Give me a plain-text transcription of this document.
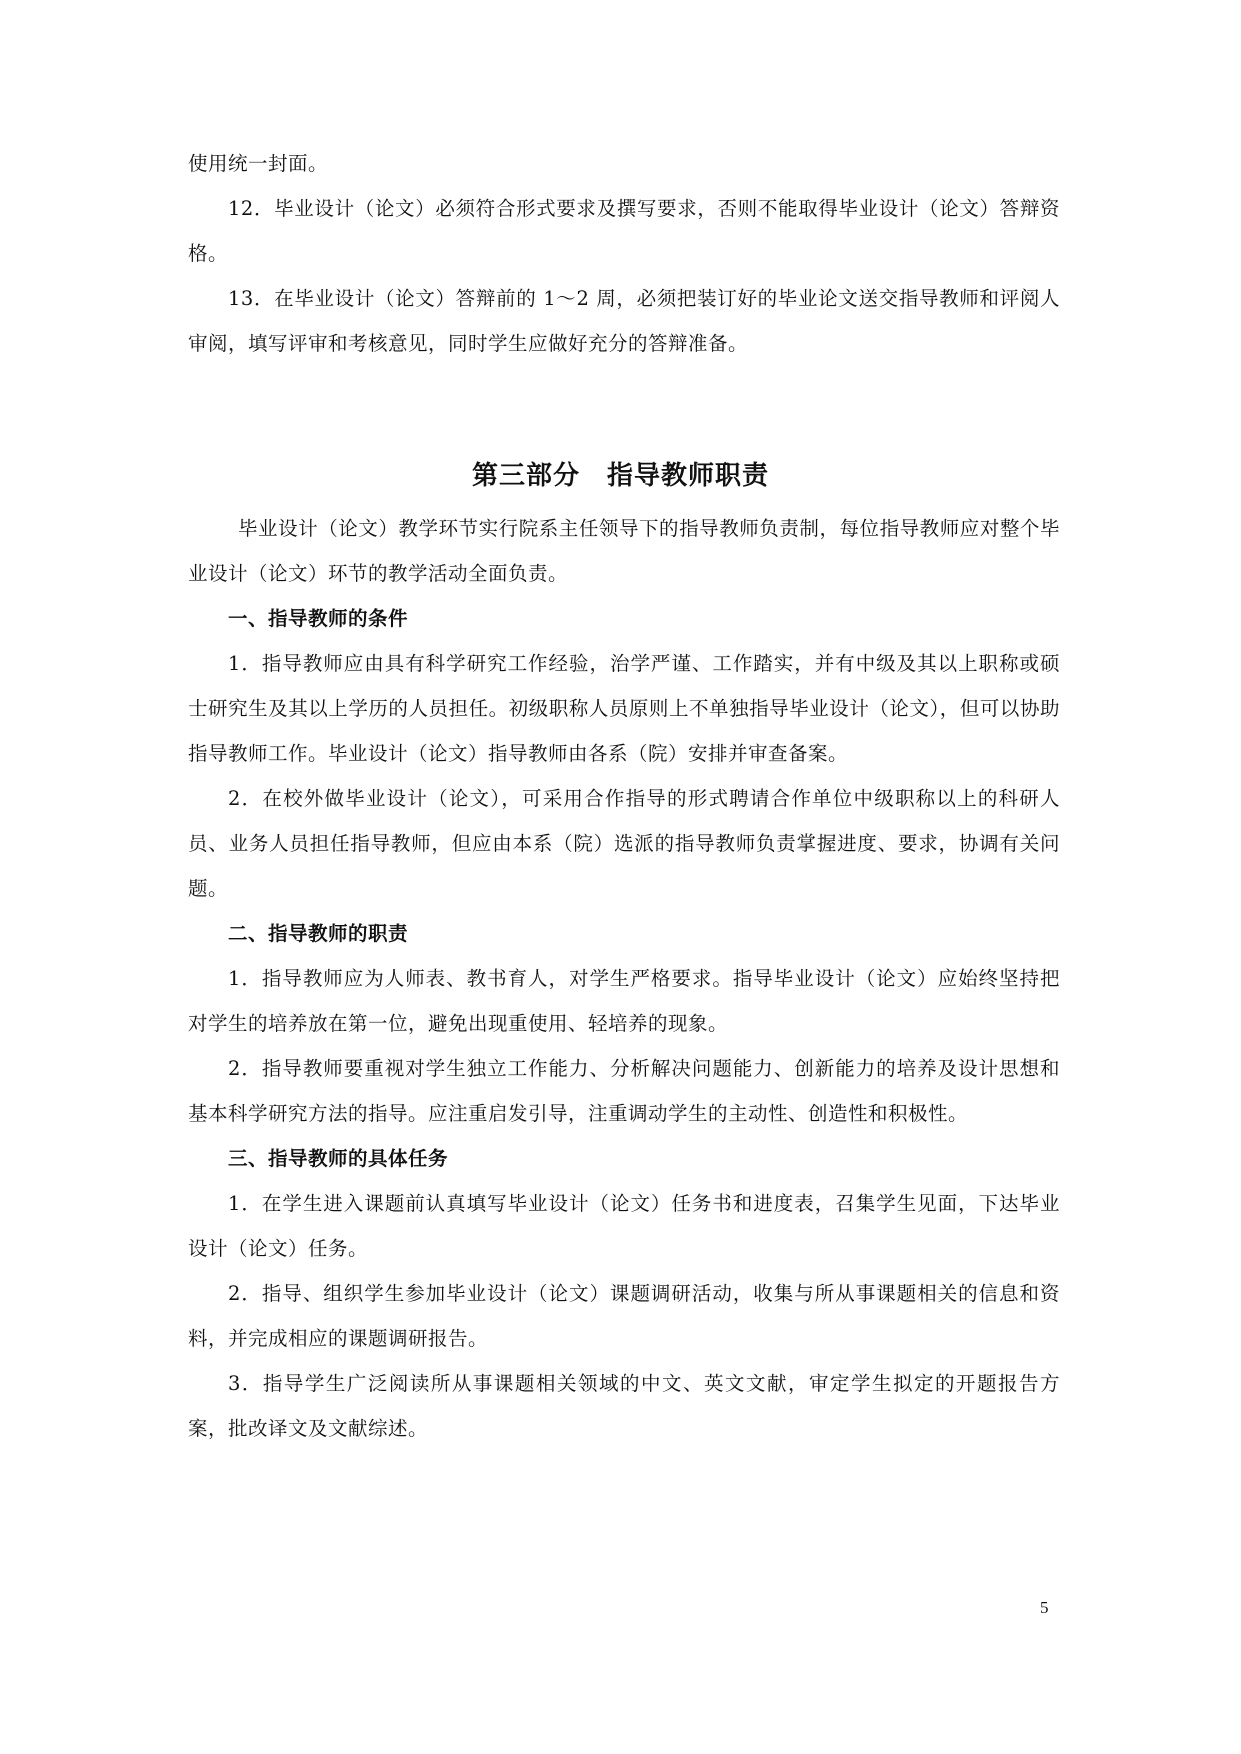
使用统一封面。

12．毕业设计（论文）必须符合形式要求及撰写要求，否则不能取得毕业设计（论文）答辩资格。

13．在毕业设计（论文）答辩前的 1～2 周，必须把装订好的毕业论文送交指导教师和评阅人审阅，填写评审和考核意见，同时学生应做好充分的答辩准备。

第三部分　指导教师职责

毕业设计（论文）教学环节实行院系主任领导下的指导教师负责制，每位指导教师应对整个毕业设计（论文）环节的教学活动全面负责。

一、指导教师的条件

1．指导教师应由具有科学研究工作经验，治学严谨、工作踏实，并有中级及其以上职称或硕士研究生及其以上学历的人员担任。初级职称人员原则上不单独指导毕业设计（论文），但可以协助指导教师工作。毕业设计（论文）指导教师由各系（院）安排并审查备案。

2．在校外做毕业设计（论文），可采用合作指导的形式聘请合作单位中级职称以上的科研人员、业务人员担任指导教师，但应由本系（院）选派的指导教师负责掌握进度、要求，协调有关问题。

二、指导教师的职责

1．指导教师应为人师表、教书育人，对学生严格要求。指导毕业设计（论文）应始终坚持把对学生的培养放在第一位，避免出现重使用、轻培养的现象。

2．指导教师要重视对学生独立工作能力、分析解决问题能力、创新能力的培养及设计思想和基本科学研究方法的指导。应注重启发引导，注重调动学生的主动性、创造性和积极性。

三、指导教师的具体任务

1．在学生进入课题前认真填写毕业设计（论文）任务书和进度表，召集学生见面，下达毕业设计（论文）任务。

2．指导、组织学生参加毕业设计（论文）课题调研活动，收集与所从事课题相关的信息和资料，并完成相应的课题调研报告。

3．指导学生广泛阅读所从事课题相关领域的中文、英文文献，审定学生拟定的开题报告方案，批改译文及文献综述。

5
